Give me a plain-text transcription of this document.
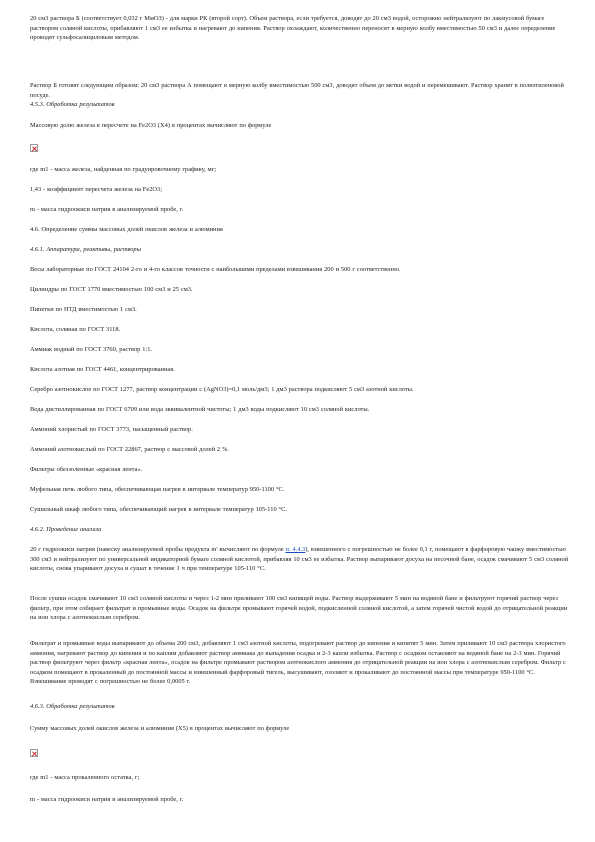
20 см3 раствора Б (соответствует 0,032 г МмОЗ) - для марки РК (второй сорт). Объем раствора, если требуется, доводят до 20 см3 водой, осторожно нейтрализуют по лакмусовой бумаге раствором соляной кислоты, прибавляют 1 см3 ее избытка и нагревают до кипения. Раствор охлаждают, количественно переносят в мерную колбу вместимостью 50 см3 и далее определение проводят сульфосалициловым методом.

Раствор Б готовят следующим образом: 20 см3 раствора А помещают в мерную колбу вместимостью 500 см3, доводят объем до метки водой и перемешивают. Раствор хранят в полиэтиленовой посуде.

4.5.3. Обработка результатов

Массовую долю железа в пересчете на Fe2O3 (X4) в процентах вычисляют по формуле

где m1 - масса железа, найденная по градуировочному графику, мг;

1,43 - коэффициент пересчета железа на Fe2O3;

m - масса гидроокиси натрия в анализируемой пробе, г.

4.6. Определение суммы массовых долей окислов железа и алюминия

4.6.1. Аппаратура, реактивы, растворы

Весы лабораторные по ГОСТ 24104 2-го и 4-го классов точности с наибольшими пределами взвешивания 200 и 500 г соответственно.

Цилиндры по ГОСТ 1770 вместимостью 100 см3 и 25 см3.

Пипетки по НТД вместимостью 1 см3.

Кислота, соляная по ГОСТ 3118.

Аммиак водный по ГОСТ 3760, раствор 1:1.

Кислота азотная по ГОСТ 4461, концентрированная.

Серебро азотнокислое по ГОСТ 1277, раствор концентрации с (AgNO3)=0,1 моль/дм3; 1 дм3 раствора подкисляют 5 см3 азотной кислоты.

Вода дистиллированная по ГОСТ 6709 или вода эквивалентной чистоты; 1 дм3 воды подкисляют 10 см3 соляной кислоты.

Аммоний хлористый по ГОСТ 3773, насыщенный раствор.

Аммоний азотнокислый по ГОСТ 22867, раствор с массовой долей 2 %.

Фильтры обеззоленные «красная лента».

Муфельная печь любого типа, обеспечивающая нагрев в интервале температур 950-1100 °С.

Сушильный шкаф любого типа, обеспечивающий нагрев в интервале температур 105-110 °С.

4.6.2. Проведение анализа

20 г гидроокиси натрия (навеску анализируемой пробы продукта m' вычисляют по формуле п. 4.4.3), взвешенного с погрешностью не более 0,1 г, помещают в фарфоровую чашку вместимостью 300 см3 и нейтрализуют по универсальной индикаторной бумаге соляной кислотой, прибавляя 10 см3 ее избытка. Раствор выпаривают досуха на песочной бане, осадок смачивают 5 см3 соляной кислоты, снова упаривают досуха и сушат в течение 1 ч при температуре 105-110 °С.

После сушки осадок смачивают 10 см3 соляной кислоты и через 1-2 мин приливают 100 см3 кипящей воды. Раствор выдерживают 5 мин на водяной бане и фильтруют горячий раствор через фильтр, при этом собирает фильтрат и промывные воды. Осадок на фильтре промывают горячей водой, подкисленной соляной кислотой, а затем горячей чистой водой до отрицательной реакции на ион хлора с азотнокислым серебром.

Фильтрат и промывные воды выпаривают до объема 200 см3, добавляют 1 см3 азотной кислоты, подогревают раствор до кипения и кипятят 5 мин. Затем приливают 10 см3 раствора хлористого аммония, нагревают раствор до кипения и по каплям добавляют раствор аммиака до выпадения осадка и 2-3 капли избытка. Раствор с осадком оставляют на водяной бане на 2-3 мин. Горячий раствор фильтруют через фильтр «красная лента», осадок на фильтре промывают раствором азотнокислого аммония до отрицательной реакции на ион хлора с азотнокислым серебром. Фильтр с осадком помещают в прокаленный до постоянной массы и взвешенный фарфоровый тигель, высушивают, озоляют и прокаливают до постоянной массы при температуре 950-1100 °С. Взвешивание проводят с погрешностью не более 0,0005 г.

4.6.3. Обработка результатов

Сумму массовых долей окислов железа и алюминия (X5) в процентах вычисляют по формуле

где m1 - масса прокаленного остатка, г;

m - масса гидроокиси натрия в анализируемой пробе, г.
